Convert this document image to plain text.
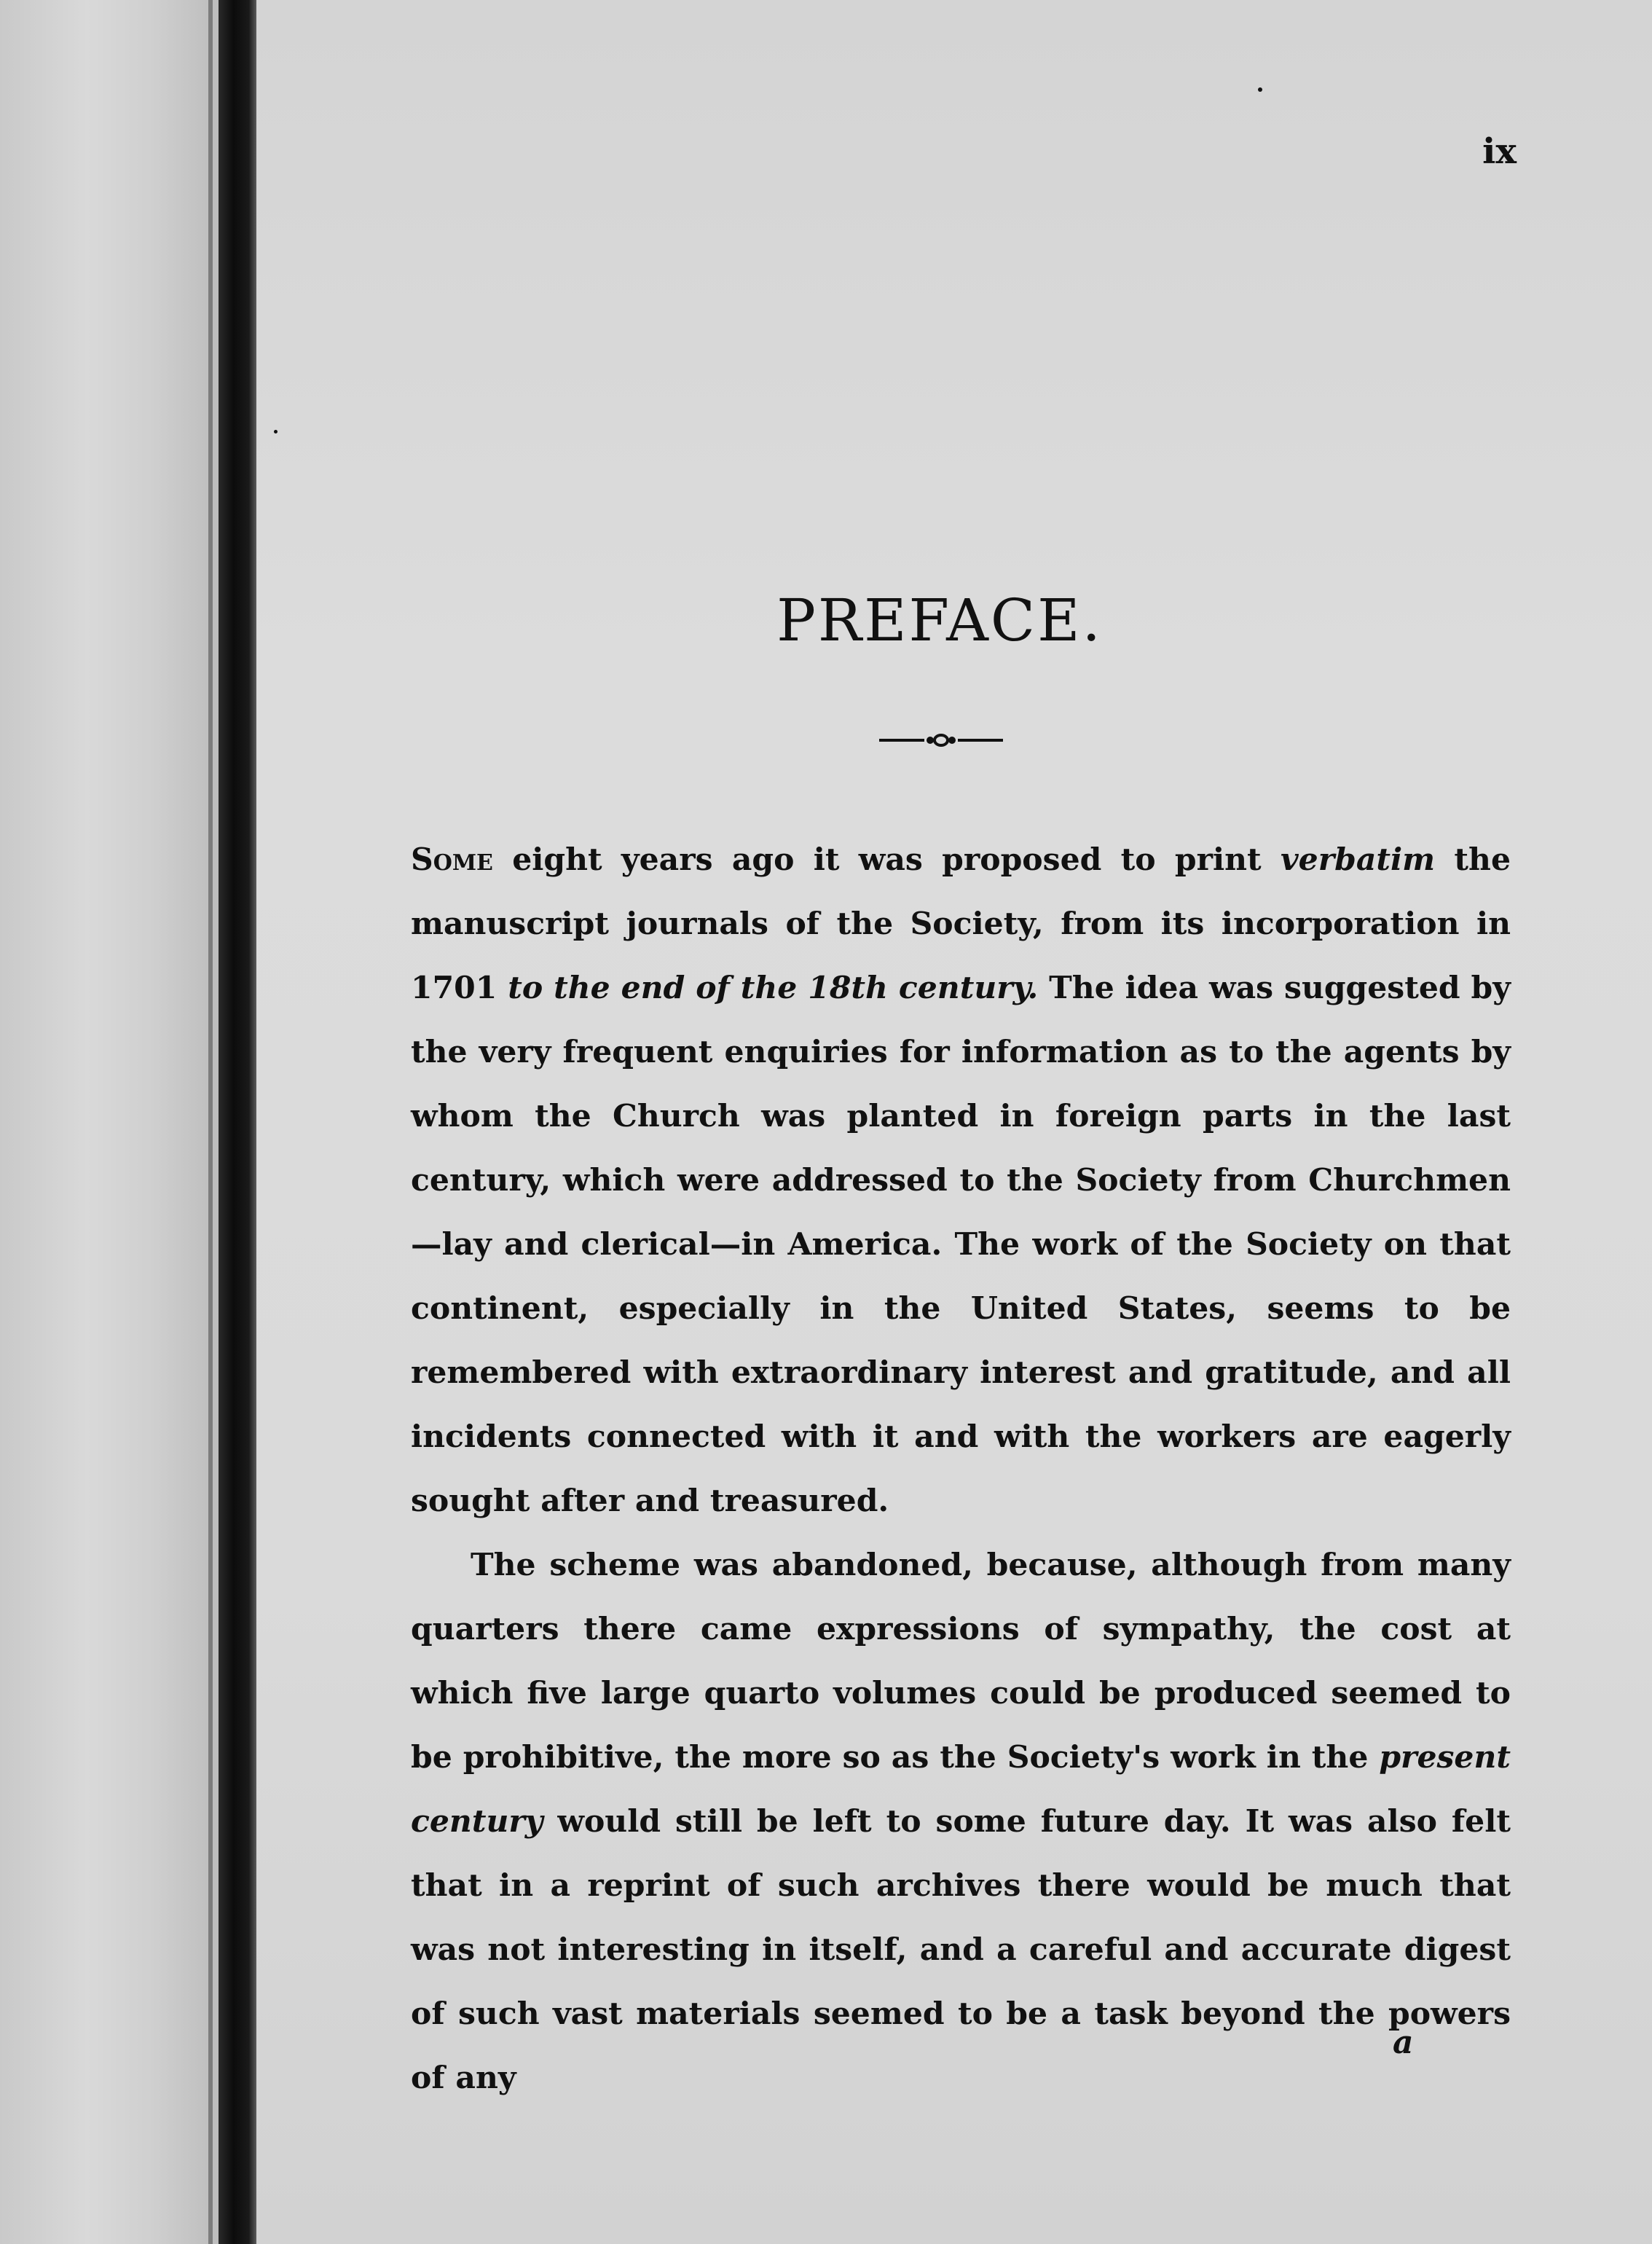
ix
PREFACE.

Some eight years ago it was proposed to print verbatim the manuscript journals of the Society, from its incorporation in 1701 to the end of the 18th century. The idea was suggested by the very frequent enquiries for information as to the agents by whom the Church was planted in foreign parts in the last century, which were addressed to the Society from Churchmen—lay and clerical—in America. The work of the Society on that continent, especially in the United States, seems to be remembered with extraordinary interest and gratitude, and all incidents connected with it and with the workers are eagerly sought after and treasured.

The scheme was abandoned, because, although from many quarters there came expressions of sympathy, the cost at which five large quarto volumes could be produced seemed to be prohibitive, the more so as the Society's work in the present century would still be left to some future day. It was also felt that in a reprint of such archives there would be much that was not interesting in itself, and a careful and accurate digest of such vast materials seemed to be a task beyond the powers of any

a
